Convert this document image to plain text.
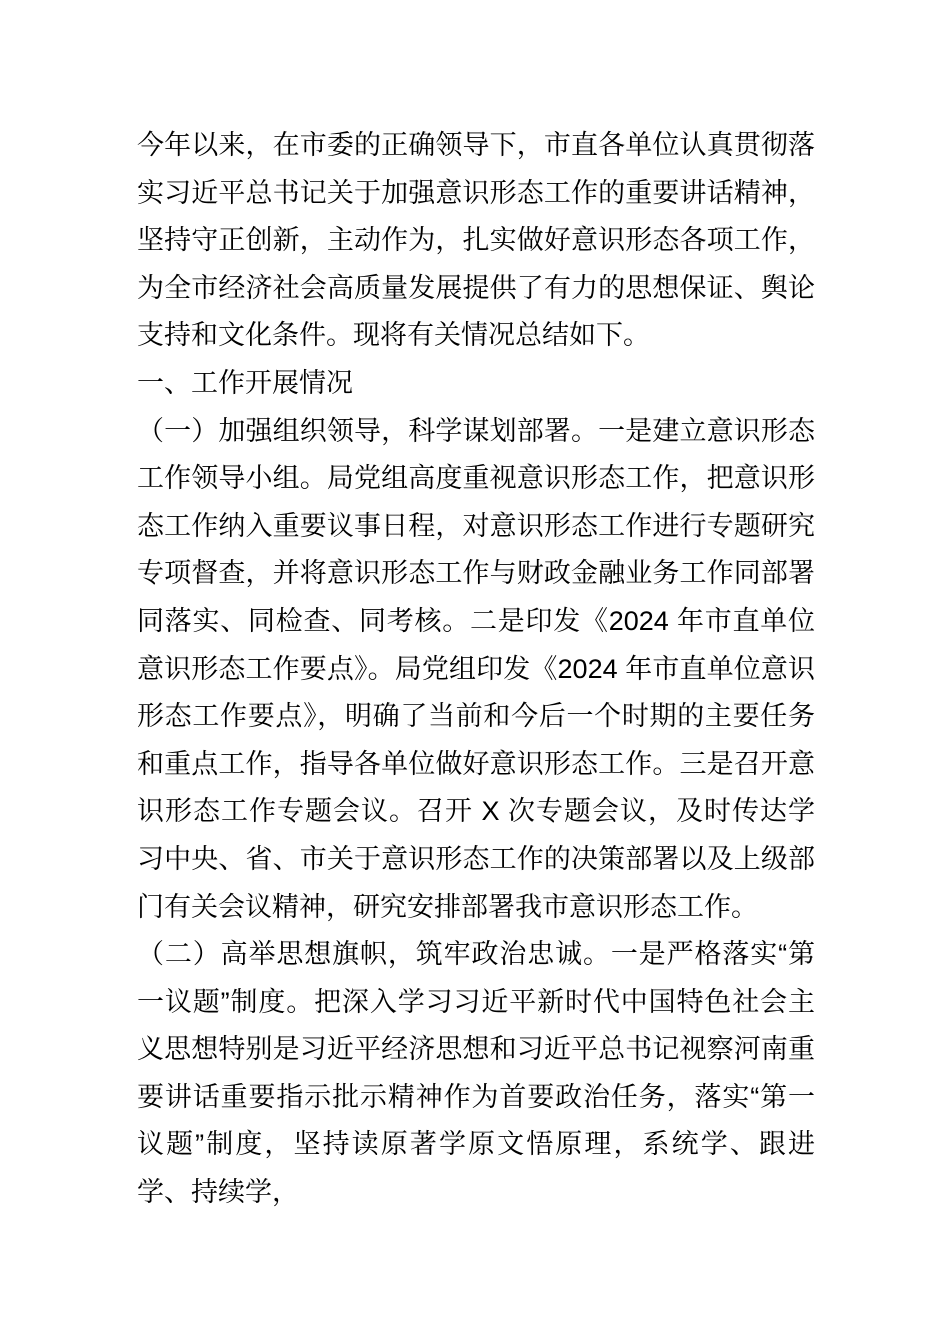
今年以来，在市委的正确领导下，市直各单位认真贯彻落实习近平总书记关于加强意识形态工作的重要讲话精神，坚持守正创新，主动作为，扎实做好意识形态各项工作，为全市经济社会高质量发展提供了有力的思想保证、舆论支持和文化条件。现将有关情况总结如下。

一、工作开展情况

（一）加强组织领导，科学谋划部署。一是建立意识形态工作领导小组。局党组高度重视意识形态工作，把意识形态工作纳入重要议事日程，对意识形态工作进行专题研究专项督查，并将意识形态工作与财政金融业务工作同部署同落实、同检查、同考核。二是印发《2024 年市直单位意识形态工作要点》。局党组印发《2024 年市直单位意识形态工作要点》，明确了当前和今后一个时期的主要任务和重点工作，指导各单位做好意识形态工作。三是召开意识形态工作专题会议。召开 X 次专题会议，及时传达学习中央、省、市关于意识形态工作的决策部署以及上级部门有关会议精神，研究安排部署我市意识形态工作。

（二）高举思想旗帜，筑牢政治忠诚。一是严格落实“第一议题”制度。把深入学习习近平新时代中国特色社会主义思想特别是习近平经济思想和习近平总书记视察河南重要讲话重要指示批示精神作为首要政治任务，落实“第一议题”制度，坚持读原著学原文悟原理，系统学、跟进学、持续学，
